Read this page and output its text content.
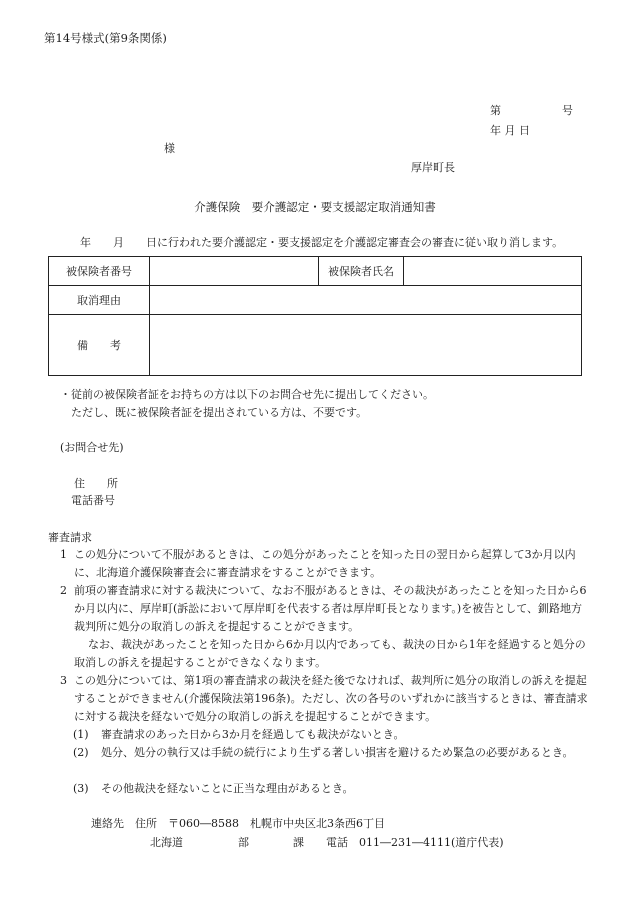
第14号様式(第9条関係)
第	号
年 月 日
様
厚岸町長
介護保険　要介護認定・要支援認定取消通知書
年　　月　　日に行われた要介護認定・要支援認定を介護認定審査会の審査に従い取り消します。
被保険者番号		被保険者氏名	
取消理由			
備　　考			
・従前の被保険者証をお持ちの方は以下のお問合せ先に提出してください。
ただし、既に被保険者証を提出されている方は、不要です。
(お問合せ先)
住　　所
電話番号
審査請求
1 この処分について不服があるときは、この処分があったことを知った日の翌日から起算して3か月以内に、北海道介護保険審査会に審査請求をすることができます。
2 前項の審査請求に対する裁決について、なお不服があるときは、その裁決があったことを知った日から6か月以内に、厚岸町(訴訟において厚岸町を代表する者は厚岸町長となります。)を被告として、釧路地方裁判所に処分の取消しの訴えを提起することができます。
なお、裁決があったことを知った日から6か月以内であっても、裁決の日から1年を経過すると処分の取消しの訴えを提起することができなくなります。
3 この処分については、第1項の審査請求の裁決を経た後でなければ、裁判所に処分の取消しの訴えを提起することができません(介護保険法第196条)。ただし、次の各号のいずれかに該当するときは、審査請求に対する裁決を経ないで処分の取消しの訴えを提起することができます。
(1)	審査請求のあった日から3か月を経過しても裁決がないとき。
(2)	処分、処分の執行又は手続の続行により生ずる著しい損害を避けるため緊急の必要があるとき。
(3)	その他裁決を経ないことに正当な理由があるとき。
連絡先　住所　〒060―8588　札幌市中央区北3条西6丁目
北海道　　　　　部　　　　課　　電話　011―231―4111(道庁代表)
